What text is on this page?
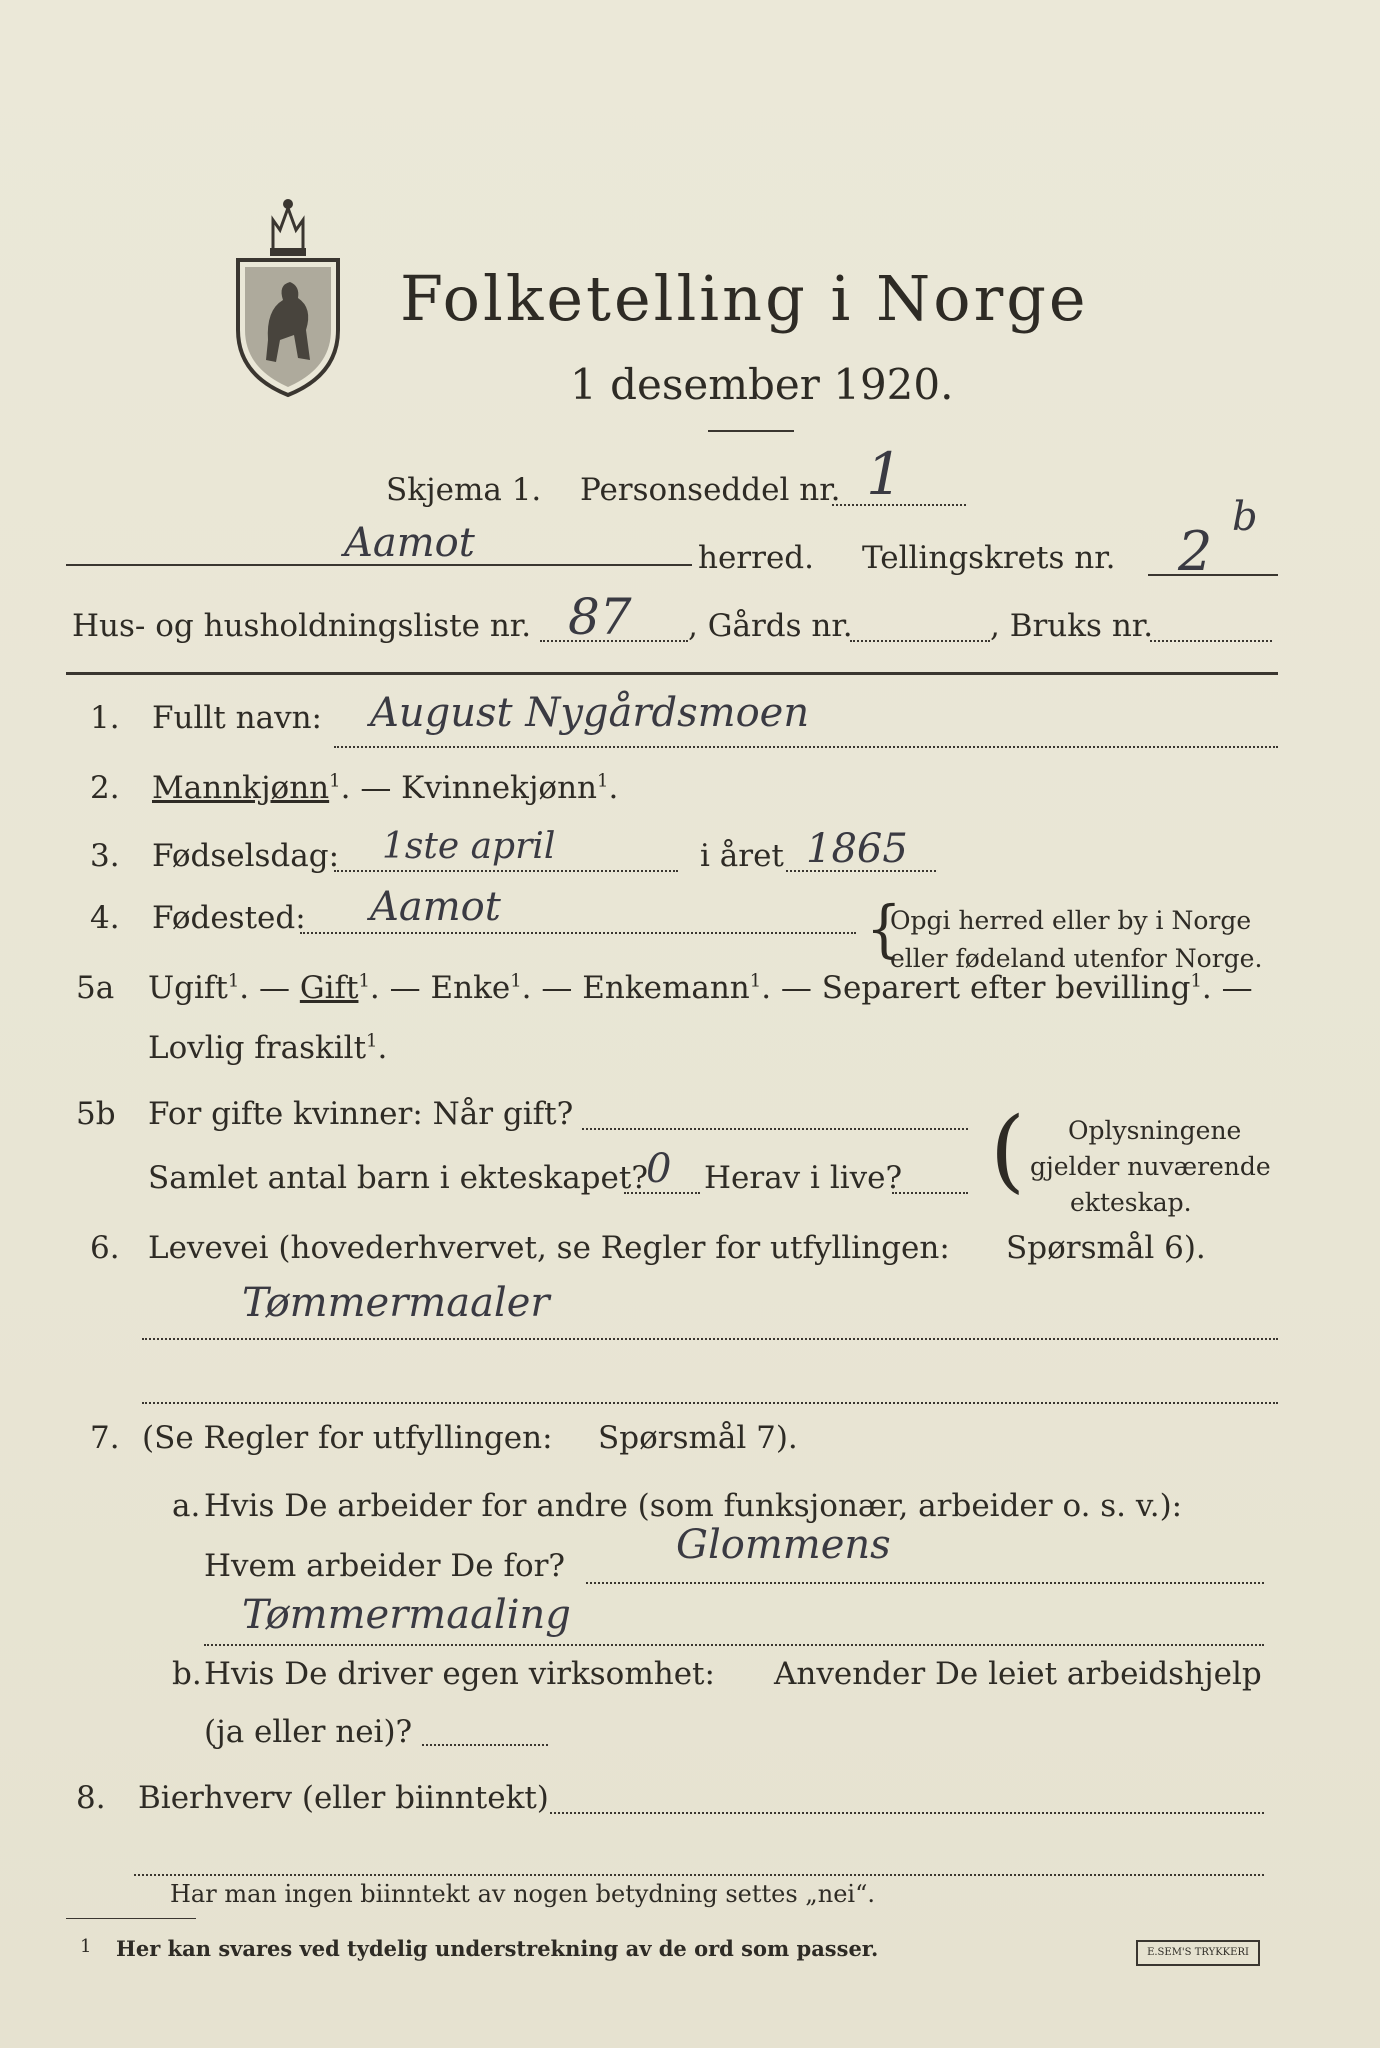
Folketelling i Norge
1 desember 1920.
Skjema 1. Personseddel nr. 1
Aamot	herred. Tellingskrets nr. 2
b
Hus- og husholdningsliste nr. 87 , Gårds nr.	, Bruks nr.
1. Fullt navn: August Nygårdsmoen
2. Mannkjønn$^1$. — Kvinnekjønn$^1$.
3. Fødselsdag: 1ste april	i året 1865
4. Fødested: Aamot	{
Opgi herred eller by i Norge
eller fødeland utenfor Norge.
5a Ugift$^1$. — Gift$^1$. — Enke$^1$. — Enkemann$^1$. — Separert efter bevilling$^1$. —
Lovlig fraskilt$^1$.
5b For gifte kvinner: Når gift?
Samlet antal barn i ekteskapet?
0 Herav i live? ( Oplysningene
gjelder nuværende
ekteskap.
6. Levevei (hovederhvervet, se Regler for utfyllingen: Spørsmål 6).
Tømmermaaler
7. (Se Regler for utfyllingen: Spørsmål 7).
a. Hvis De arbeider for andre (som funksjonær, arbeider o. s. v.):
Hvem arbeider De for?	Glommens
Tømmermaaling
b. Hvis De driver egen virksomhet: Anvender De leiet arbeidshjelp
(ja eller nei)?
8. Bierhverv (eller biinntekt)
Har man ingen biinntekt av nogen betydning settes „nei“.
1 Her kan svares ved tydelig understrekning av de ord som passer.	E.SEM'S TRYKKERI
